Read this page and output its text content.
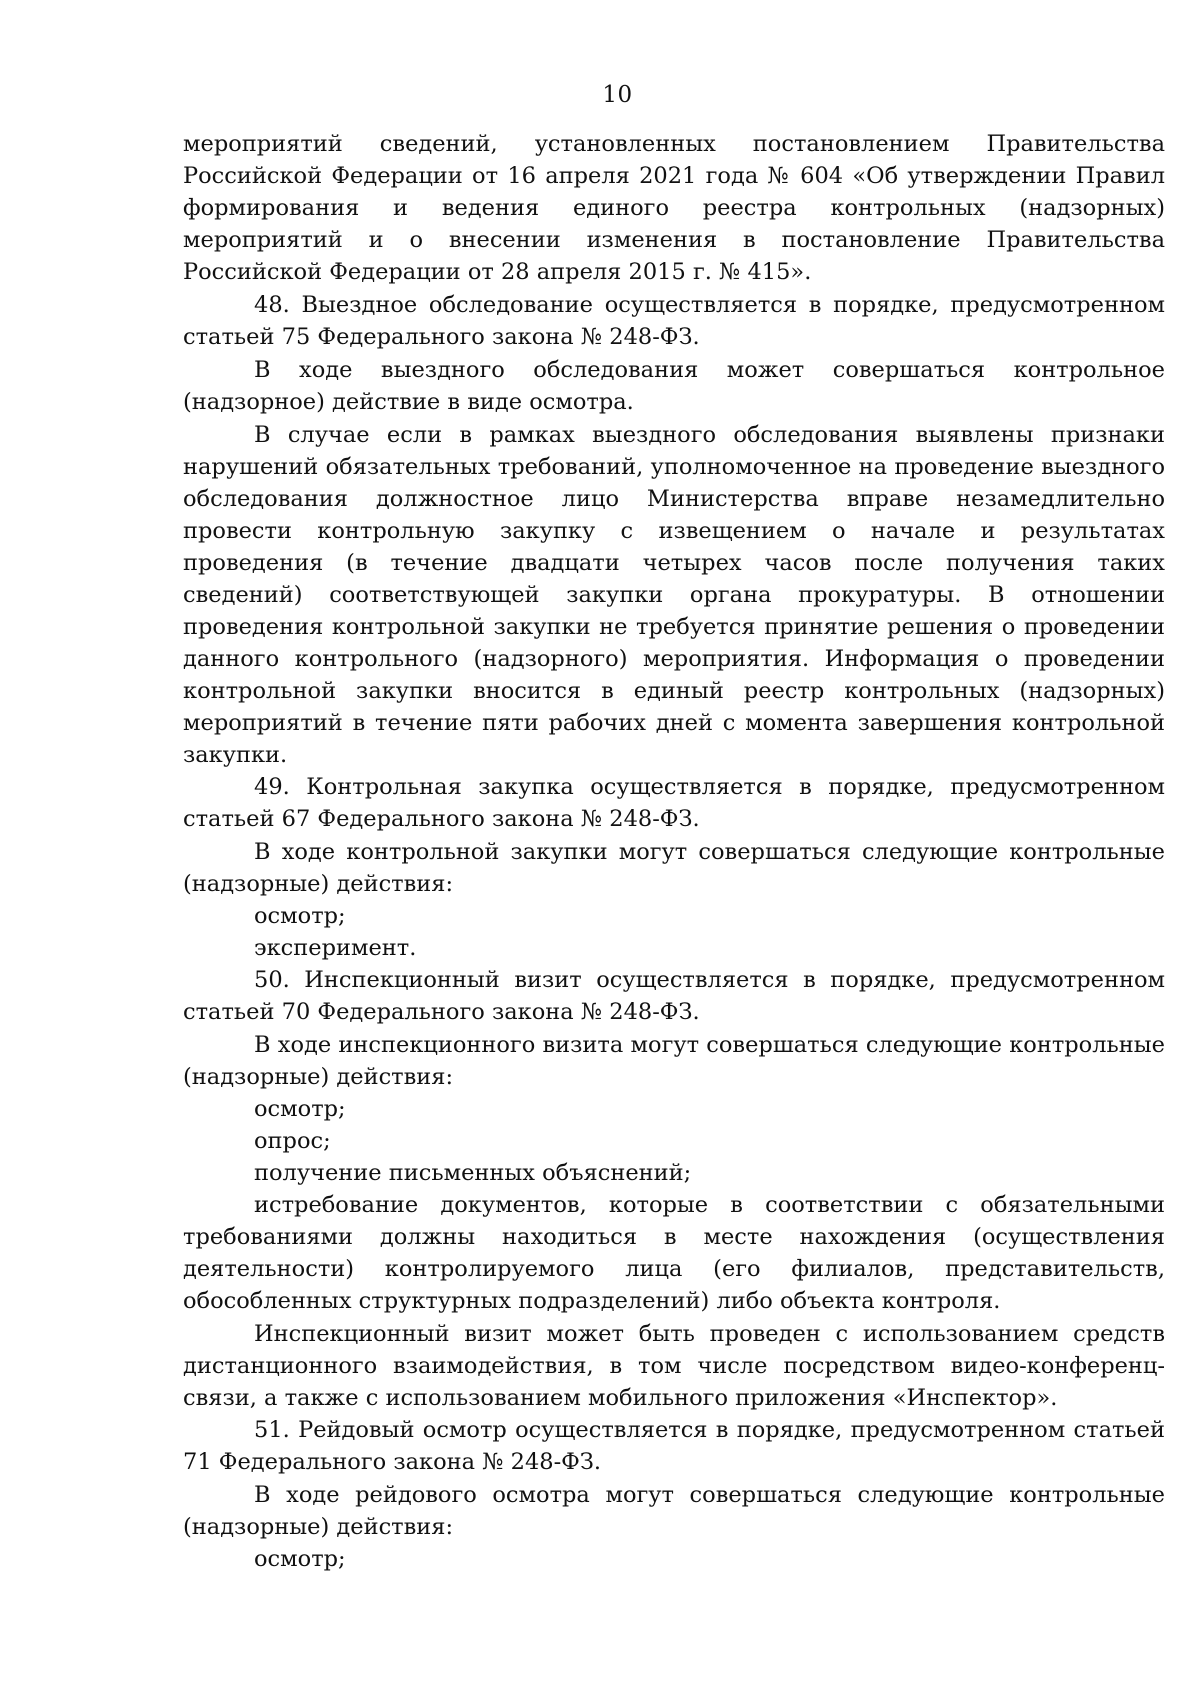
10

мероприятий сведений, установленных постановлением Правительства Российской Федерации от 16 апреля 2021 года № 604 «Об утверждении Правил формирования и ведения единого реестра контрольных (надзорных) мероприятий и о внесении изменения в постановление Правительства Российской Федерации от 28 апреля 2015 г. № 415».

48. Выездное обследование осуществляется в порядке, предусмотренном статьей 75 Федерального закона № 248-ФЗ.

В ходе выездного обследования может совершаться контрольное (надзорное) действие в виде осмотра.

В случае если в рамках выездного обследования выявлены признаки нарушений обязательных требований, уполномоченное на проведение выездного обследования должностное лицо Министерства вправе незамедлительно провести контрольную закупку с извещением о начале и результатах проведения (в течение двадцати четырех часов после получения таких сведений) соответствующей закупки органа прокуратуры. В отношении проведения контрольной закупки не требуется принятие решения о проведении данного контрольного (надзорного) мероприятия. Информация о проведении контрольной закупки вносится в единый реестр контрольных (надзорных) мероприятий в течение пяти рабочих дней с момента завершения контрольной закупки.

49. Контрольная закупка осуществляется в порядке, предусмотренном статьей 67 Федерального закона № 248-ФЗ.

В ходе контрольной закупки могут совершаться следующие контрольные (надзорные) действия:

осмотр;

эксперимент.

50. Инспекционный визит осуществляется в порядке, предусмотренном статьей 70 Федерального закона № 248-ФЗ.

В ходе инспекционного визита могут совершаться следующие контрольные (надзорные) действия:

осмотр;

опрос;

получение письменных объяснений;

истребование документов, которые в соответствии с обязательными требованиями должны находиться в месте нахождения (осуществления деятельности) контролируемого лица (его филиалов, представительств, обособленных структурных подразделений) либо объекта контроля.

Инспекционный визит может быть проведен с использованием средств дистанционного взаимодействия, в том числе посредством видео-конференц-связи, а также с использованием мобильного приложения «Инспектор».

51. Рейдовый осмотр осуществляется в порядке, предусмотренном статьей 71 Федерального закона № 248-ФЗ.

В ходе рейдового осмотра могут совершаться следующие контрольные (надзорные) действия:

осмотр;
